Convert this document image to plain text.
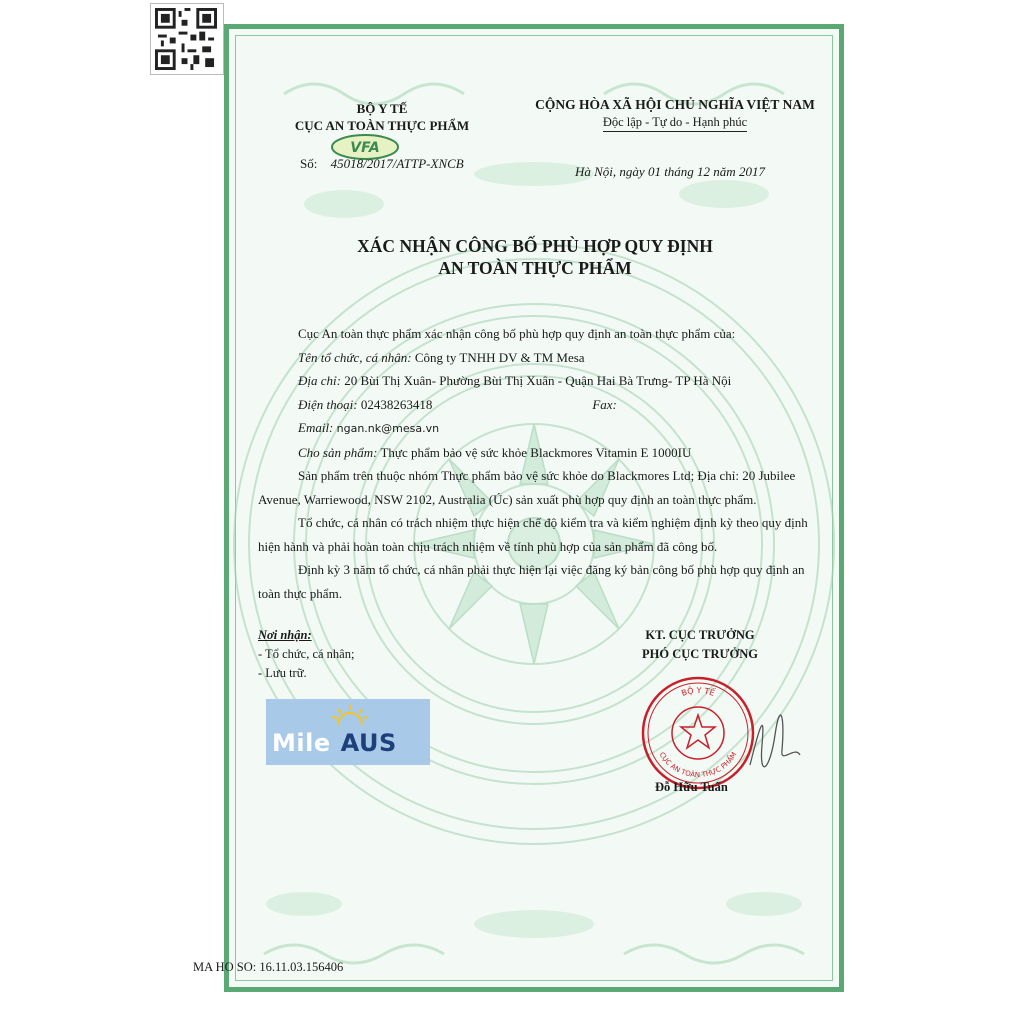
BỘ Y TẾ
CỤC AN TOÀN THỰC PHẨM
VFA
Số: 45018/2017/ATTP-XNCB
CỘNG HÒA XÃ HỘI CHỦ NGHĨA VIỆT NAM
Độc lập - Tự do - Hạnh phúc
Hà Nội, ngày 01 tháng 12 năm 2017
XÁC NHẬN CÔNG BỐ PHÙ HỢP QUY ĐỊNH
AN TOÀN THỰC PHẨM

Cục An toàn thực phẩm xác nhận công bố phù hợp quy định an toàn thực phẩm của:

Tên tổ chức, cá nhân: Công ty TNHH DV & TM Mesa

Địa chỉ: 20 Bùi Thị Xuân- Phường Bùi Thị Xuân - Quận Hai Bà Trưng- TP Hà Nội

Điện thoại: 02438263418	Fax:

Email: ngan.nk@mesa.vn

Cho sản phẩm: Thực phẩm bảo vệ sức khỏe Blackmores Vitamin E 1000IU

Sản phẩm trên thuộc nhóm Thực phẩm bảo vệ sức khỏe do Blackmores Ltd; Địa chỉ: 20 Jubilee Avenue, Warriewood, NSW 2102, Australia (Úc) sản xuất phù hợp quy định an toàn thực phẩm.

Tổ chức, cá nhân có trách nhiệm thực hiện chế độ kiểm tra và kiểm nghiệm định kỳ theo quy định hiện hành và phải hoàn toàn chịu trách nhiệm về tính phù hợp của sản phẩm đã công bố.

Định kỳ 3 năm tổ chức, cá nhân phải thực hiện lại việc đăng ký bản công bố phù hợp quy định an toàn thực phẩm.

Nơi nhận:
- Tổ chức, cá nhân;
- Lưu trữ.
KT. CỤC TRƯỞNG
PHÓ CỤC TRƯỞNG
BỘ Y TẾ
CỤC AN TOÀN THỰC PHẨM
Đỗ Hữu Tuấn
Mile AUS
MA HO SO: 16.11.03.156406
